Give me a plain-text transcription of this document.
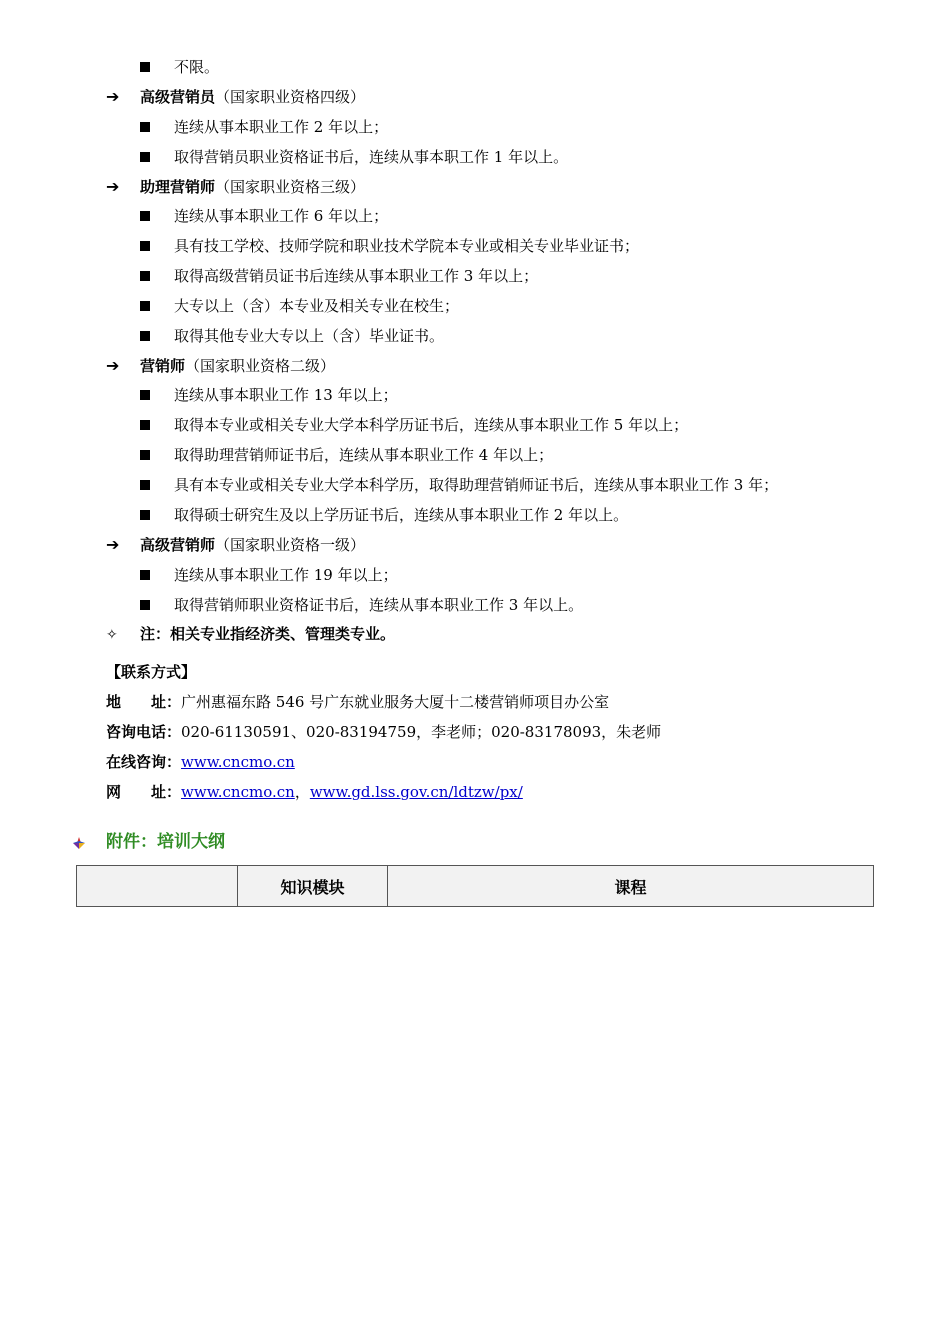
不限。
➔ 高级营销员（国家职业资格四级）
连续从事本职业工作 2 年以上；
取得营销员职业资格证书后，连续从事本职工作 1 年以上。
➔ 助理营销师（国家职业资格三级）
连续从事本职业工作 6 年以上；
具有技工学校、技师学院和职业技术学院本专业或相关专业毕业证书；
取得高级营销员证书后连续从事本职业工作 3 年以上；
大专以上（含）本专业及相关专业在校生；
取得其他专业大专以上（含）毕业证书。
➔ 营销师（国家职业资格二级）
连续从事本职业工作 13 年以上；
取得本专业或相关专业大学本科学历证书后，连续从事本职业工作 5 年以上；
取得助理营销师证书后，连续从事本职业工作 4 年以上；
具有本专业或相关专业大学本科学历，取得助理营销师证书后，连续从事本职业工作 3 年；
取得硕士研究生及以上学历证书后，连续从事本职业工作 2 年以上。
➔ 高级营销师（国家职业资格一级）
连续从事本职业工作 19 年以上；
取得营销师职业资格证书后，连续从事本职业工作 3 年以上。
✧ 注：相关专业指经济类、管理类专业。
【联系方式】
地　　址：广州惠福东路 546 号广东就业服务大厦十二楼营销师项目办公室
咨询电话：020-61130591、020-83194759，李老师；020-83178093，朱老师
在线咨询：www.cncmo.cn
网　　址：www.cncmo.cn，www.gd.lss.gov.cn/ldtzw/px/
附件：培训大纲
	知识模块	课程
